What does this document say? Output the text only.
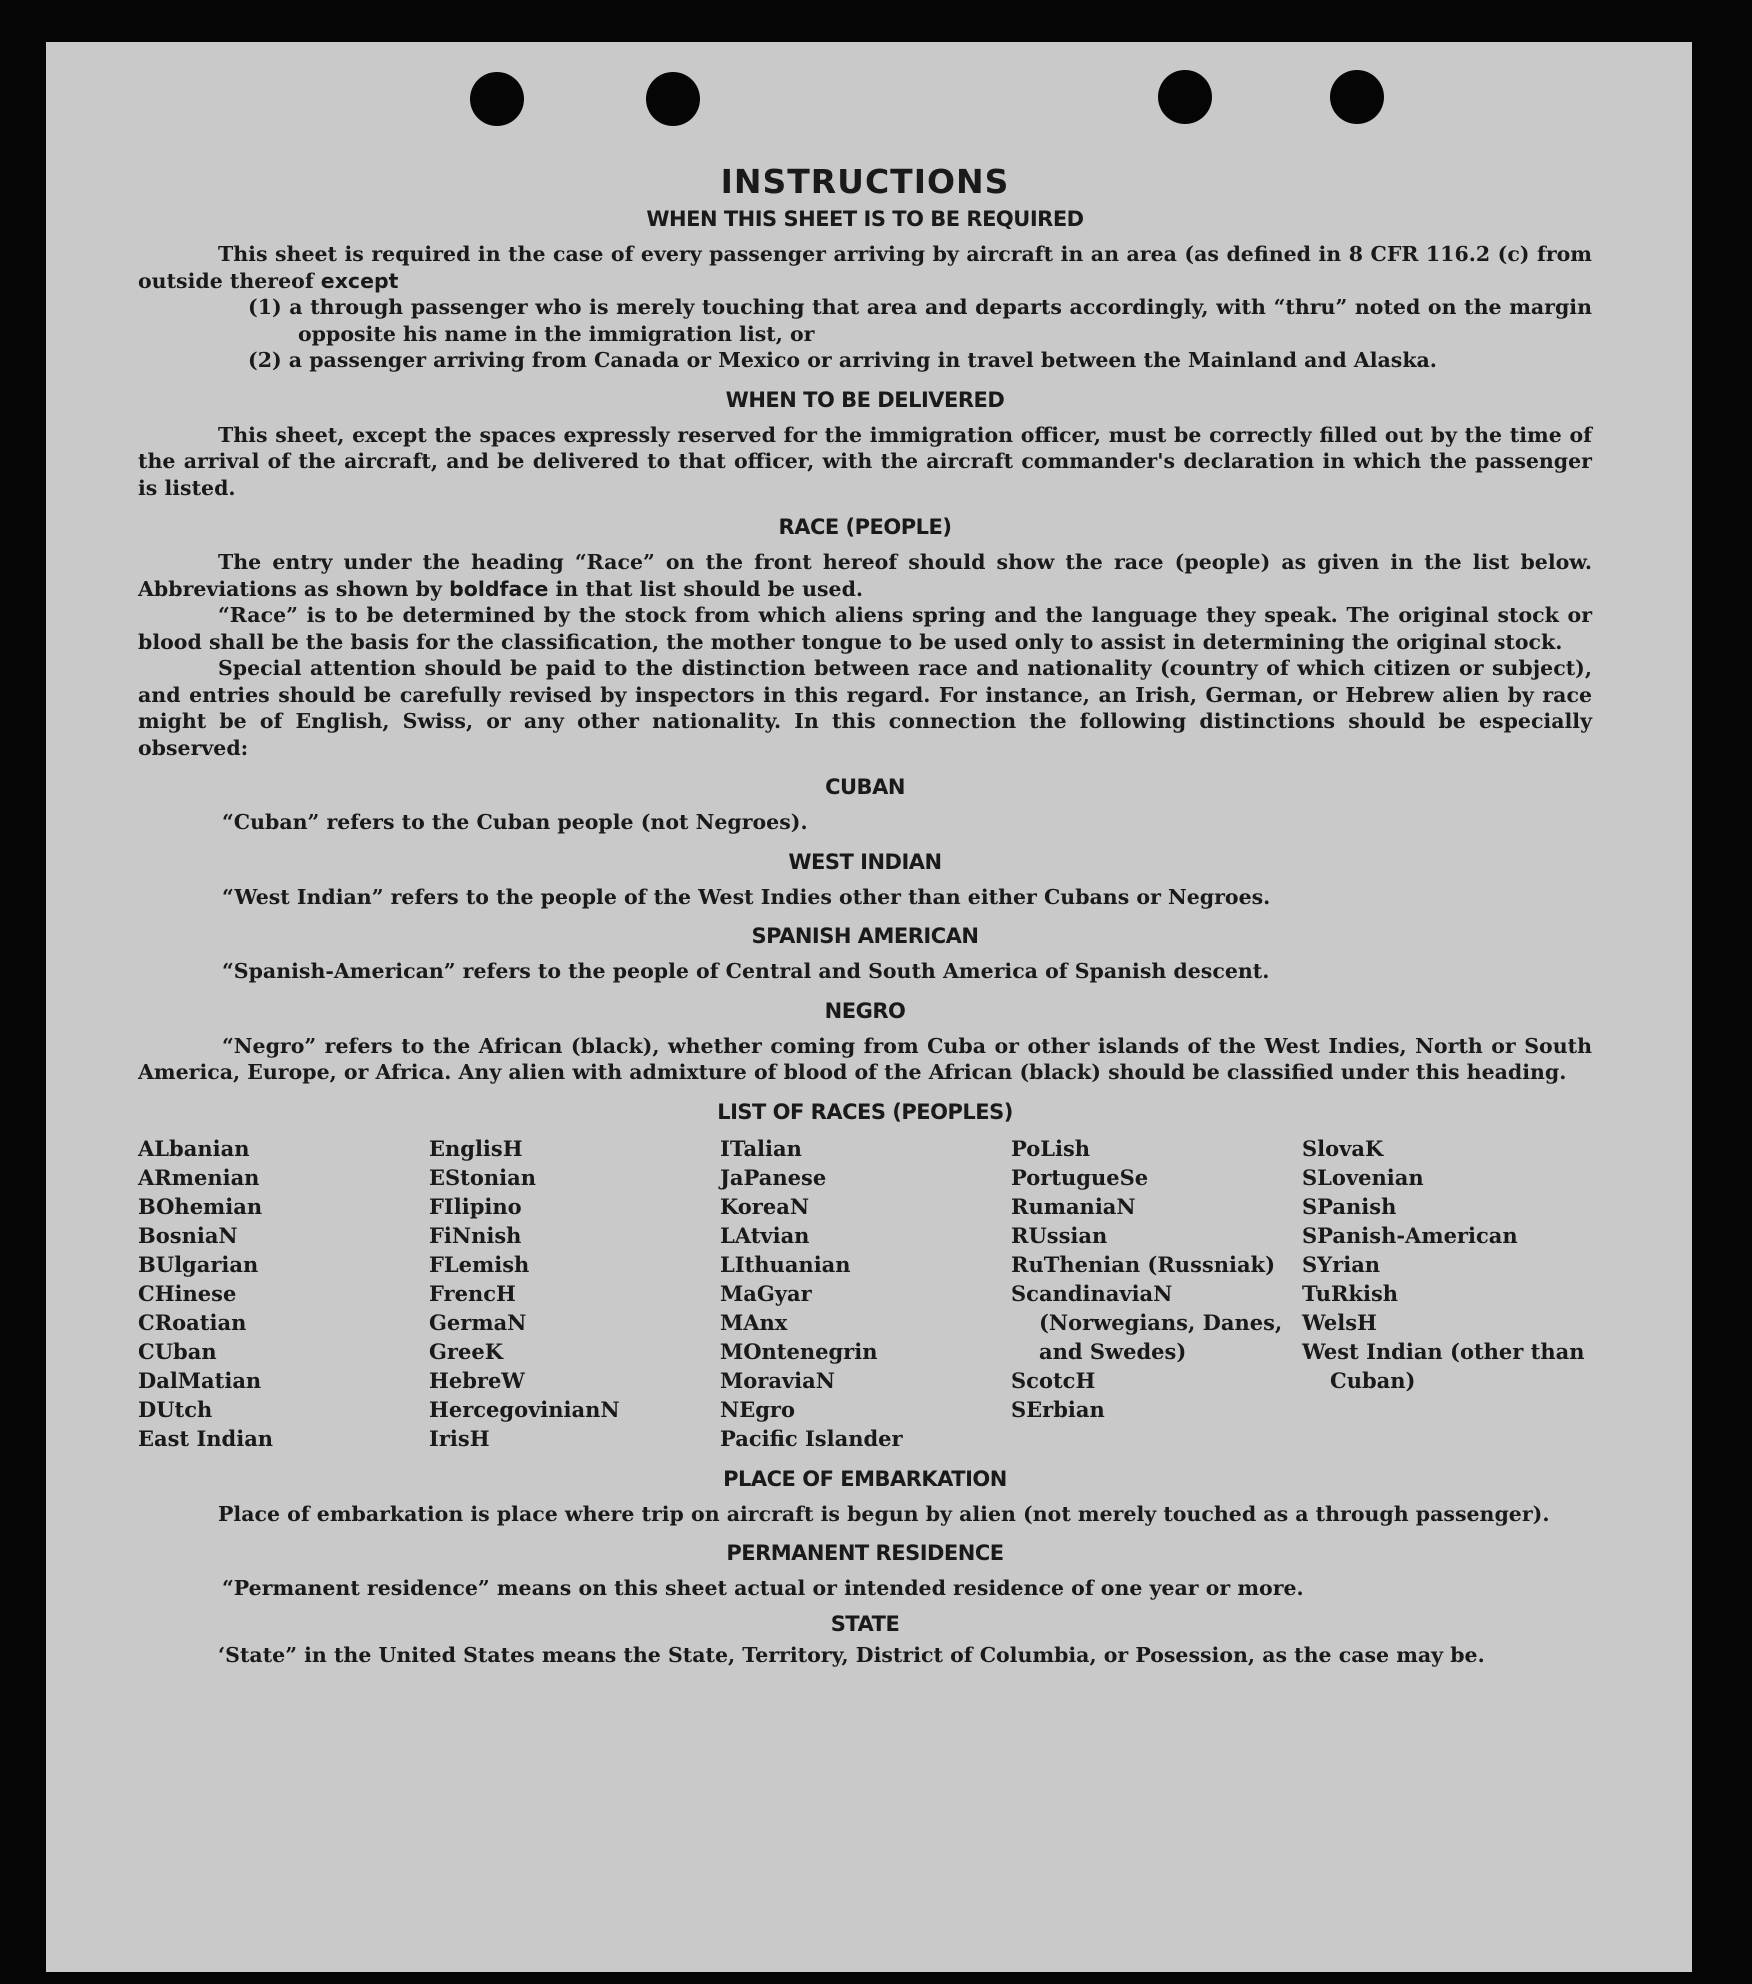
INSTRUCTIONS
WHEN THIS SHEET IS TO BE REQUIRED

This sheet is required in the case of every passenger arriving by aircraft in an area (as defined in 8 CFR 116.2 (c) from outside thereof except

(1) a through passenger who is merely touching that area and departs accordingly, with “thru” noted on the margin opposite his name in the immigration list, or
(2) a passenger arriving from Canada or Mexico or arriving in travel between the Mainland and Alaska.
WHEN TO BE DELIVERED

This sheet, except the spaces expressly reserved for the immigration officer, must be correctly filled out by the time of the arrival of the aircraft, and be delivered to that officer, with the aircraft commander's declaration in which the passenger is listed.

RACE (PEOPLE)

The entry under the heading “Race” on the front hereof should show the race (people) as given in the list below. Abbreviations as shown by boldface in that list should be used.

“Race” is to be determined by the stock from which aliens spring and the language they speak. The original stock or blood shall be the basis for the classification, the mother tongue to be used only to assist in determining the original stock.

Special attention should be paid to the distinction between race and nationality (country of which citizen or subject), and entries should be carefully revised by inspectors in this regard. For instance, an Irish, German, or Hebrew alien by race might be of English, Swiss, or any other nationality. In this connection the following distinctions should be especially observed:

CUBAN

“Cuban” refers to the Cuban people (not Negroes).

WEST INDIAN

“West Indian” refers to the people of the West Indies other than either Cubans or Negroes.

SPANISH AMERICAN

“Spanish-American” refers to the people of Central and South America of Spanish descent.

NEGRO

“Negro” refers to the African (black), whether coming from Cuba or other islands of the West Indies, North or South America, Europe, or Africa. Any alien with admixture of blood of the African (black) should be classified under this heading.

LIST OF RACES (PEOPLES)
ALbanian
ARmenian
BOhemian
BosniaN
BUlgarian
CHinese
CRoatian
CUban
DalMatian
DUtch
East Indian
EnglisH
EStonian
FIlipino
FiNnish
FLemish
FrencH
GermaN
GreeK
HebreW
HercegovinianN
IrisH
ITalian
JaPanese
KoreaN
LAtvian
LIthuanian
MaGyar
MAnx
MOntenegrin
MoraviaN
NEgro
Pacific Islander
PoLish
PortugueSe
RumaniaN
RUssian
RuThenian (Russniak)
ScandinaviaN (Norwegians, Danes, and Swedes)
ScotcH
SErbian
SlovaK
SLovenian
SPanish
SPanish-American
SYrian
TuRkish
WelsH
West Indian (other than Cuban)
PLACE OF EMBARKATION

Place of embarkation is place where trip on aircraft is begun by alien (not merely touched as a through passenger).

PERMANENT RESIDENCE

“Permanent residence” means on this sheet actual or intended residence of one year or more.

STATE

‘State” in the United States means the State, Territory, District of Columbia, or Posession, as the case may be.
